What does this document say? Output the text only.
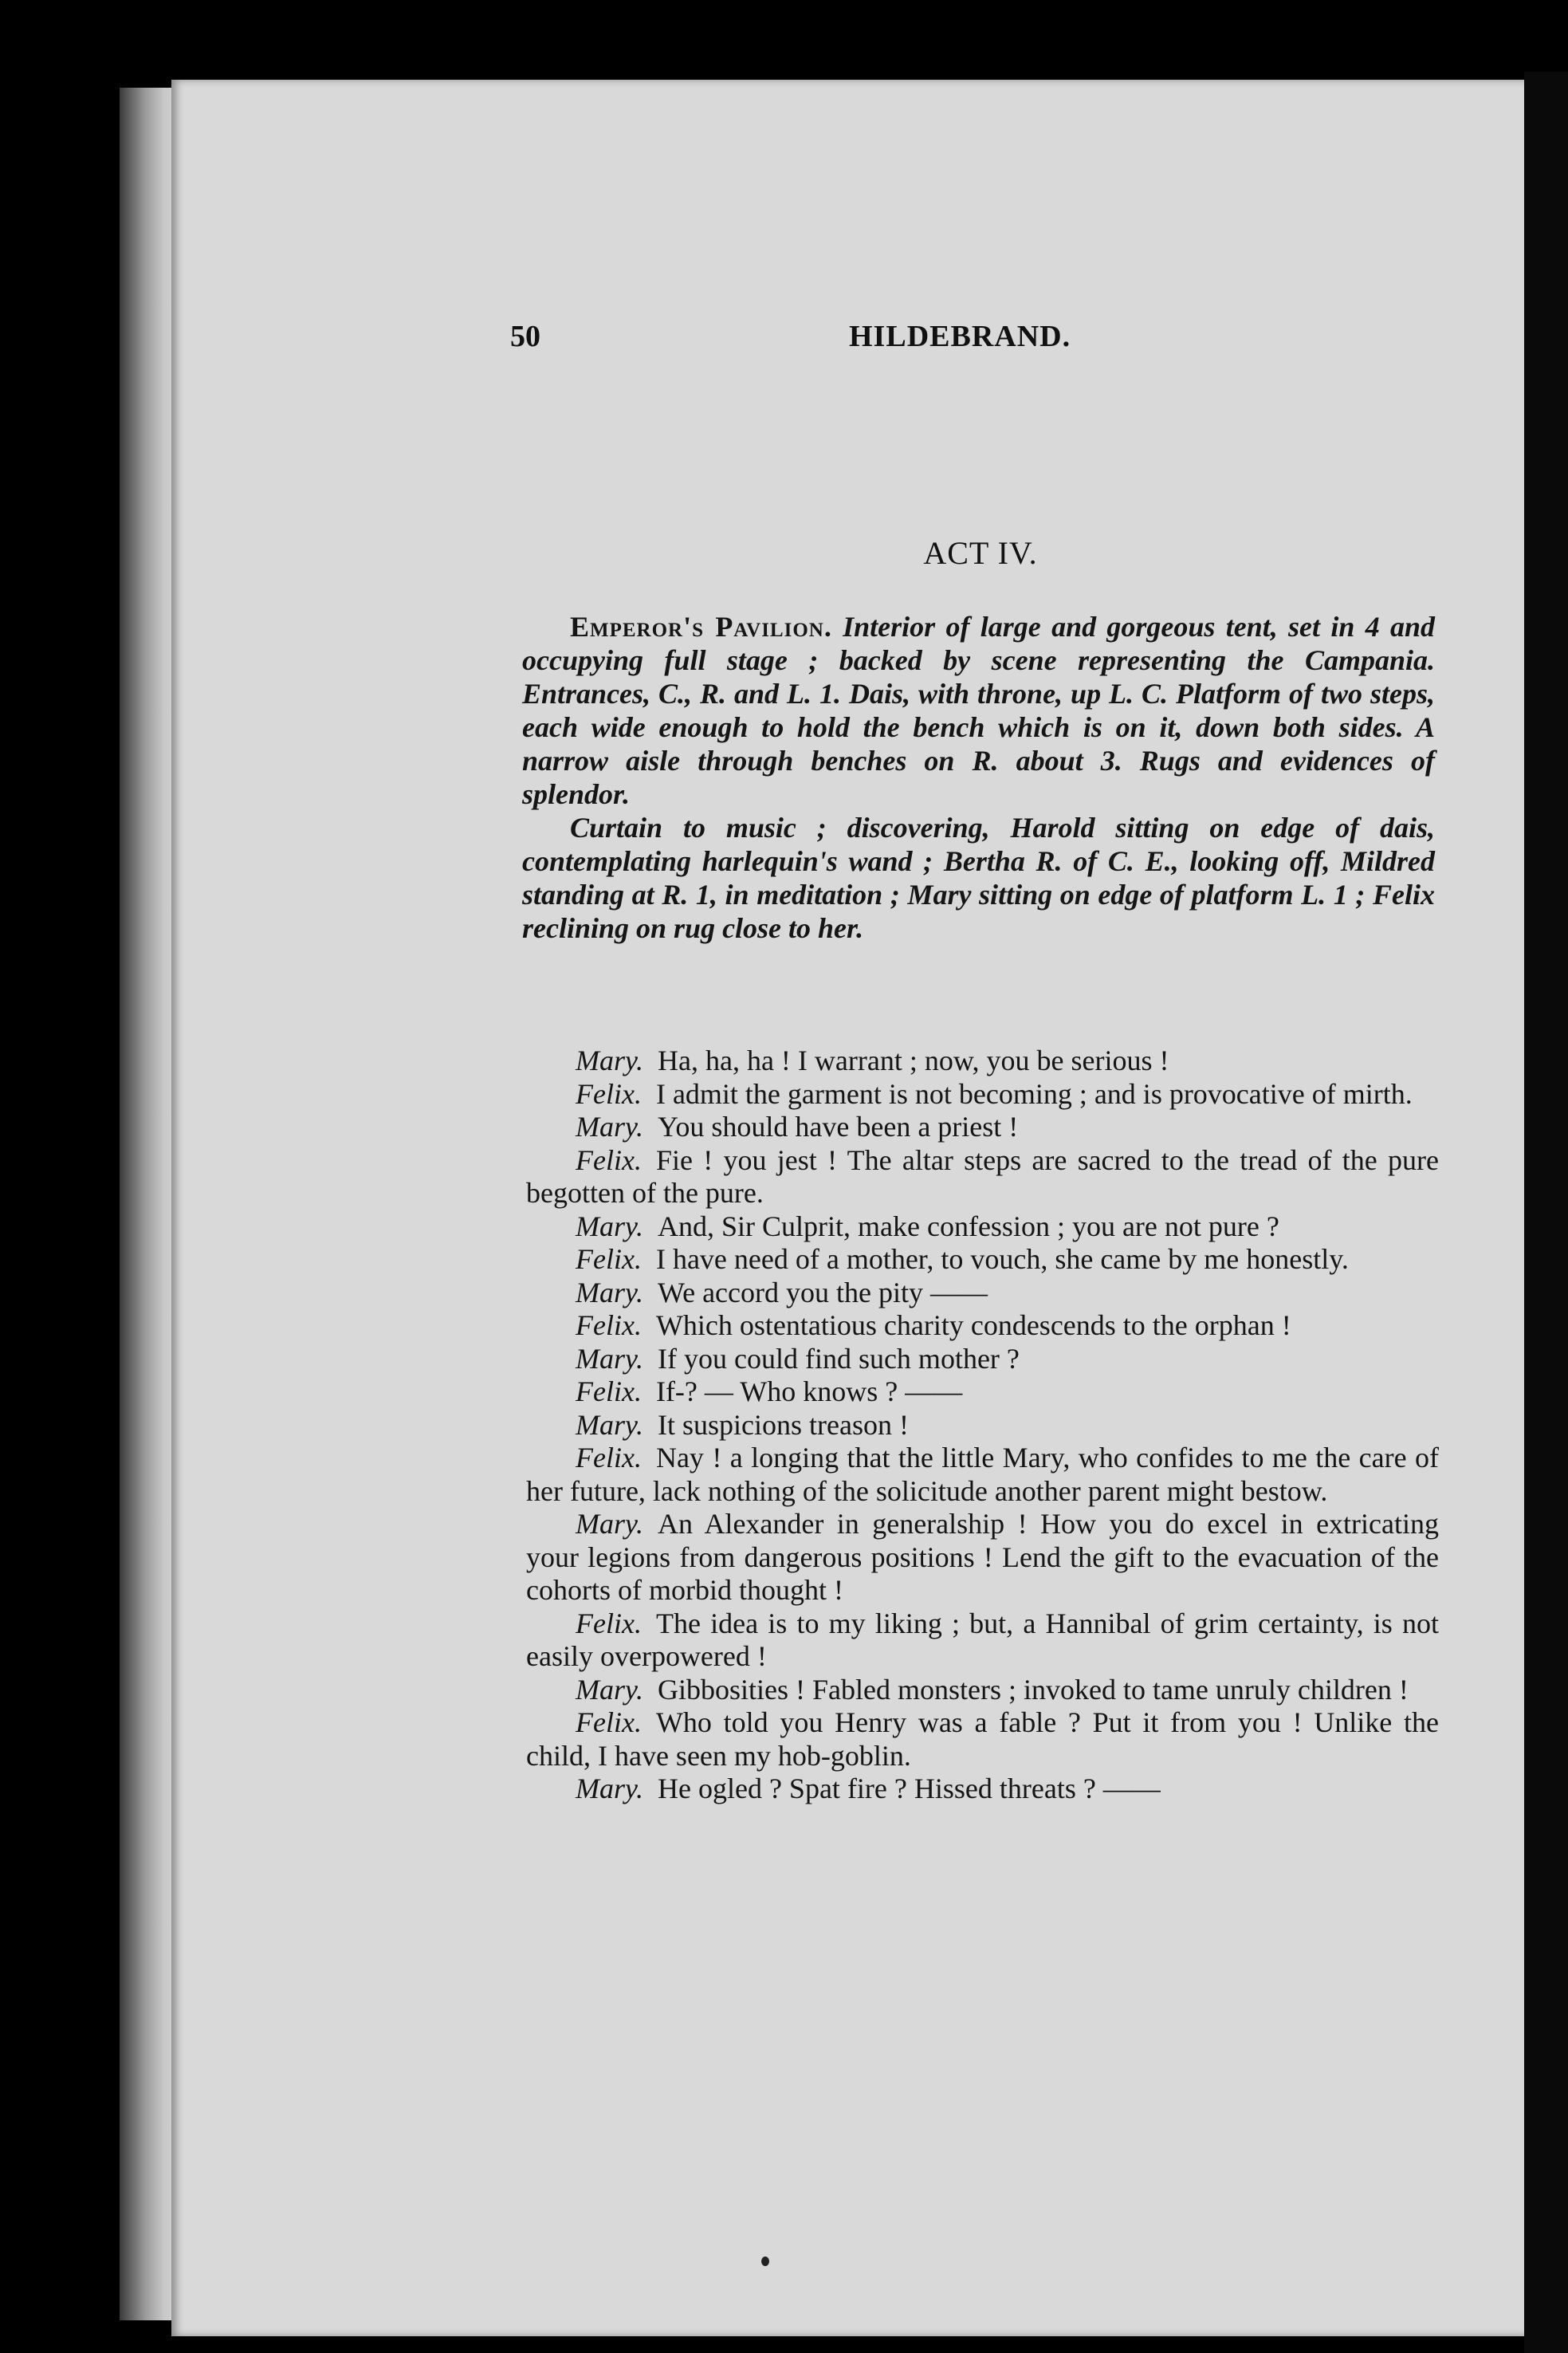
50	HILDEBRAND.
ACT IV.

Emperor's Pavilion. Interior of large and gorgeous tent, set in 4 and occupying full stage ; backed by scene representing the Campania. Entrances, C., R. and L. 1. Dais, with throne, up L. C. Platform of two steps, each wide enough to hold the bench which is on it, down both sides. A narrow aisle through benches on R. about 3. Rugs and evidences of splendor.

Curtain to music ; discovering, Harold sitting on edge of dais, contemplating harlequin's wand ; Bertha R. of C. E., looking off, Mildred standing at R. 1, in meditation ; Mary sitting on edge of platform L. 1 ; Felix reclining on rug close to her.

Mary. Ha, ha, ha ! I warrant ; now, you be serious !

Felix. I admit the garment is not becoming ; and is provocative of mirth.

Mary. You should have been a priest !

Felix. Fie ! you jest ! The altar steps are sacred to the tread of the pure begotten of the pure.

Mary. And, Sir Culprit, make confession ; you are not pure ?

Felix. I have need of a mother, to vouch, she came by me honestly.

Mary. We accord you the pity ——

Felix. Which ostentatious charity condescends to the orphan !

Mary. If you could find such mother ?

Felix. If-? — Who knows ? ——

Mary. It suspicions treason !

Felix. Nay ! a longing that the little Mary, who confides to me the care of her future, lack nothing of the solicitude another parent might bestow.

Mary. An Alexander in generalship ! How you do excel in extricating your legions from dangerous positions ! Lend the gift to the evacuation of the cohorts of morbid thought !

Felix. The idea is to my liking ; but, a Hannibal of grim certainty, is not easily overpowered !

Mary. Gibbosities ! Fabled monsters ; invoked to tame unruly children !

Felix. Who told you Henry was a fable ? Put it from you ! Unlike the child, I have seen my hob-goblin.

Mary. He ogled ? Spat fire ? Hissed threats ? ——
